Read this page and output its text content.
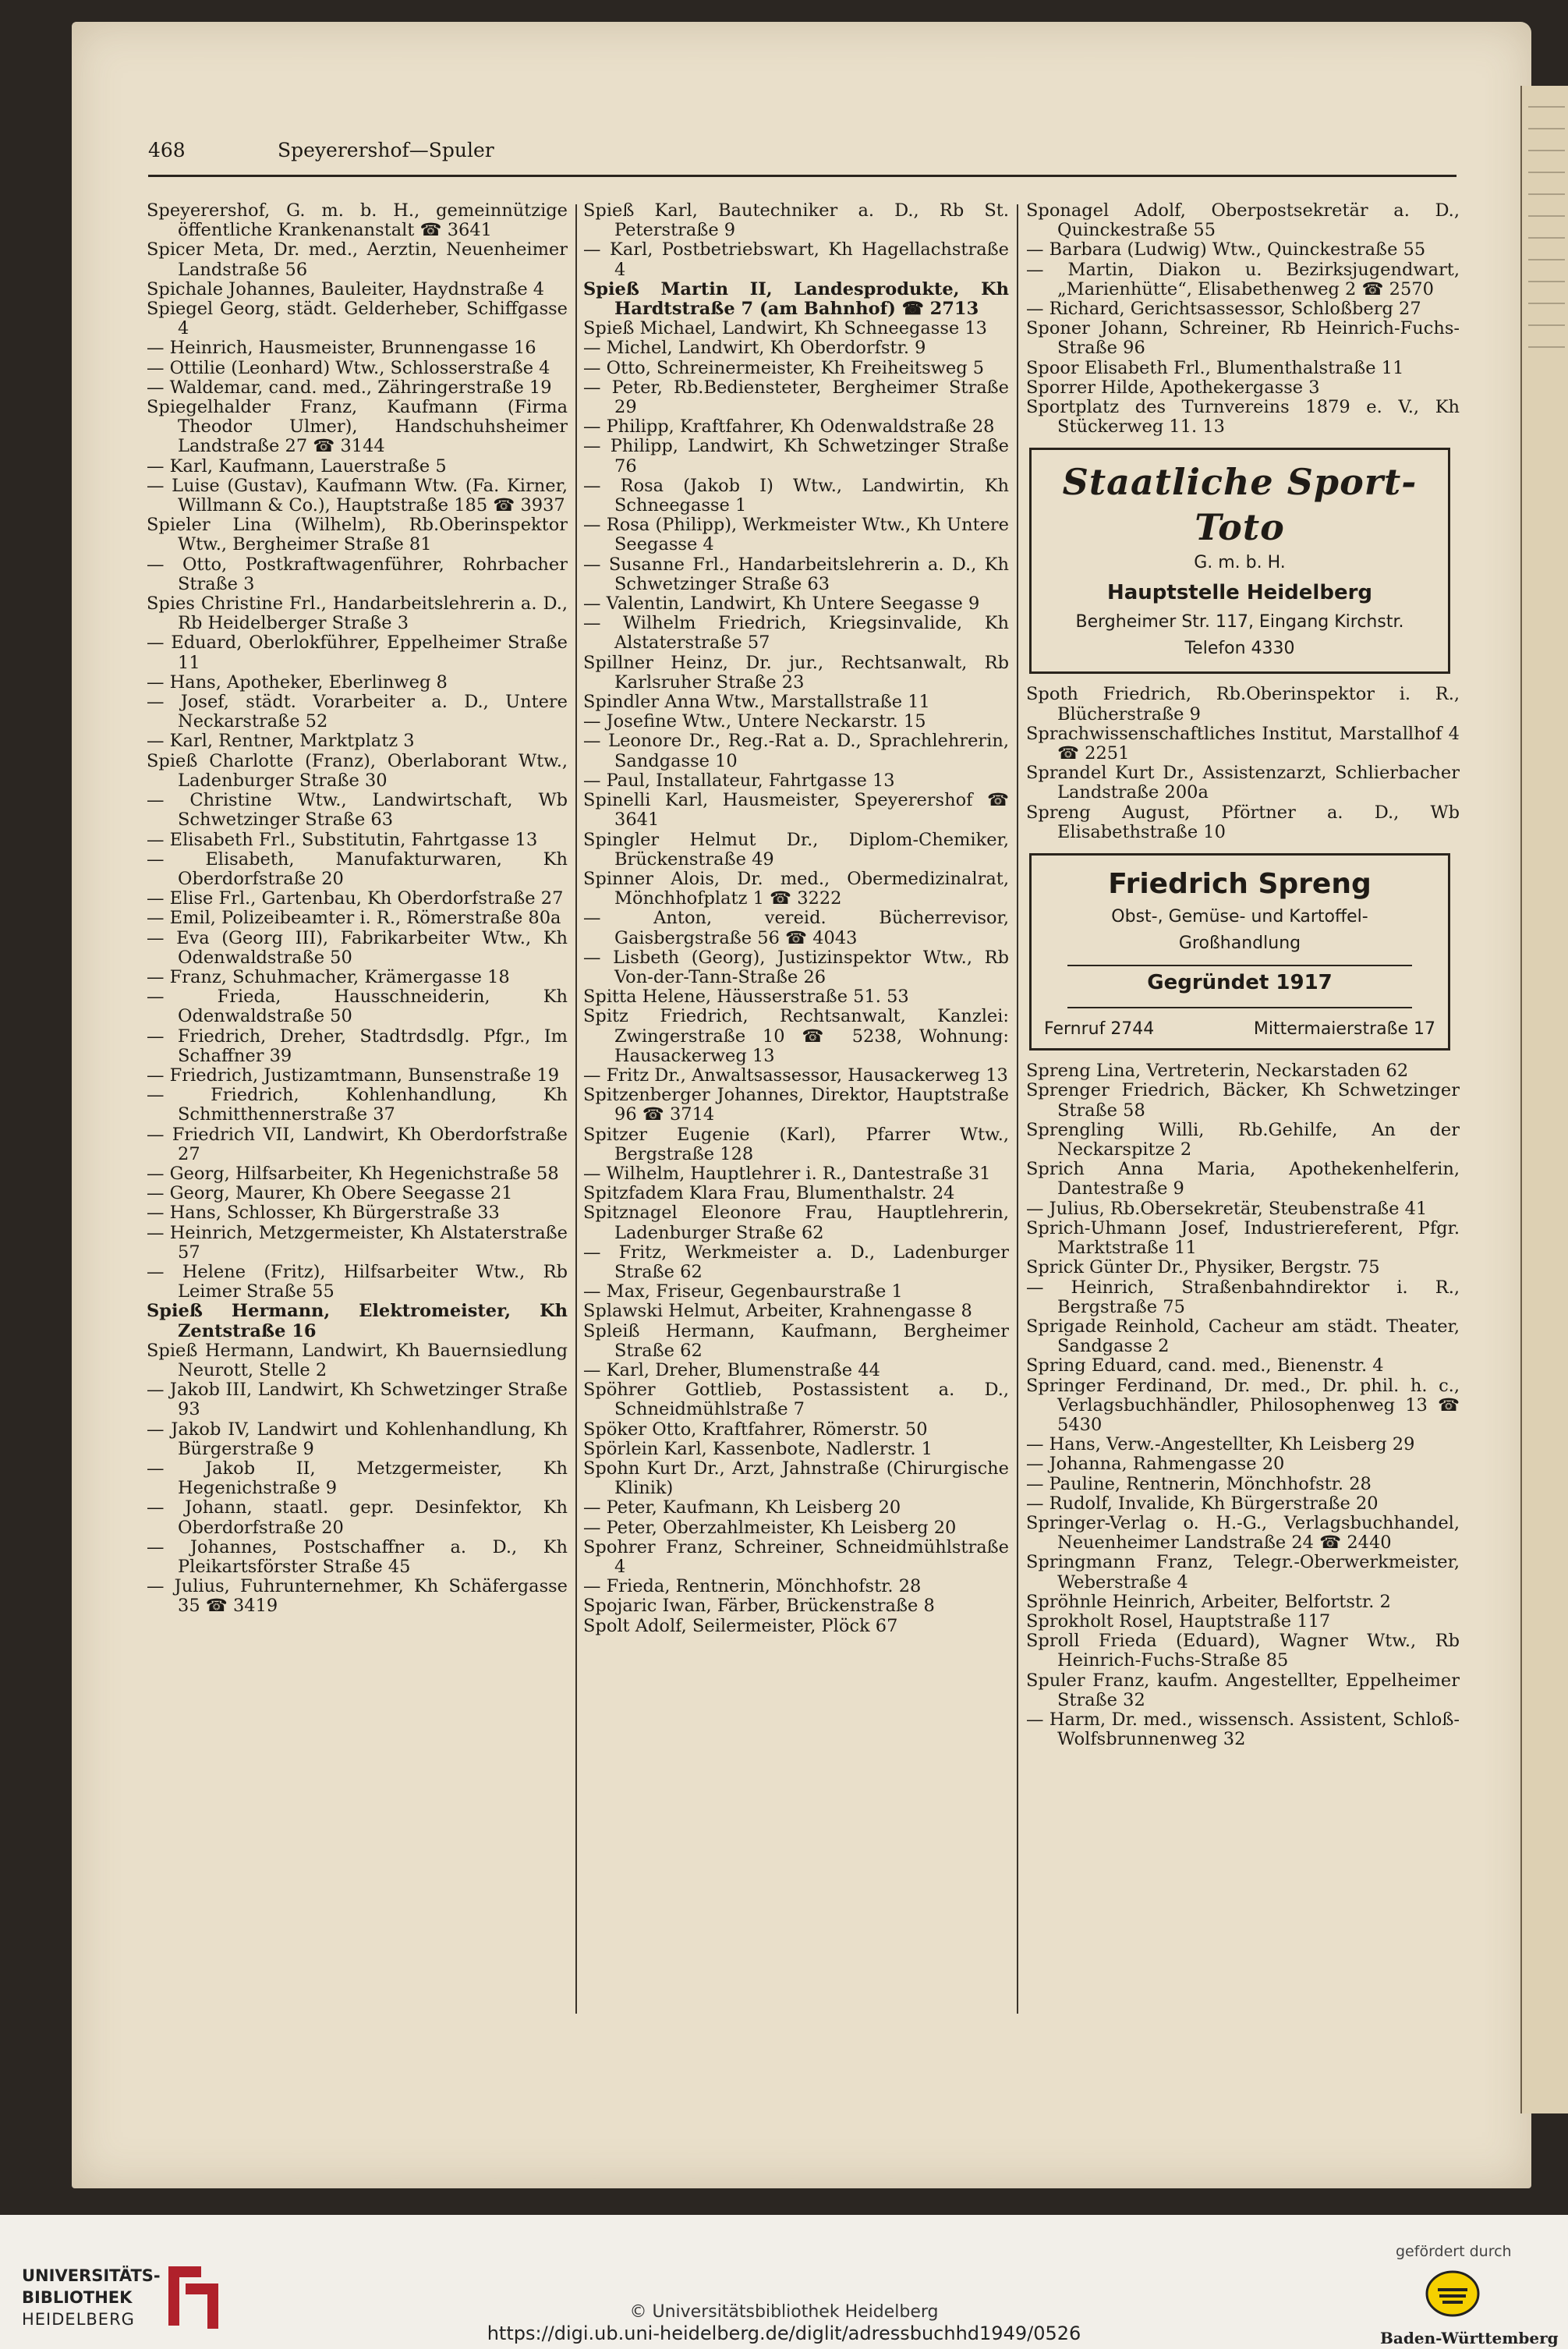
468	Speyerershof—Spuler
Speyerershof, G. m. b. H., gemeinnützige öffentliche Krankenanstalt ☎ 3641
Spicer Meta, Dr. med., Aerztin, Neuenheimer Landstraße 56
Spichale Johannes, Bauleiter, Haydnstraße 4
Spiegel Georg, städt. Gelderheber, Schiffgasse 4
— Heinrich, Hausmeister, Brunnengasse 16
— Ottilie (Leonhard) Wtw., Schlosserstraße 4
— Waldemar, cand. med., Zähringerstraße 19
Spiegelhalder Franz, Kaufmann (Firma Theodor Ulmer), Handschuhsheimer Landstraße 27 ☎ 3144
— Karl, Kaufmann, Lauerstraße 5
— Luise (Gustav), Kaufmann Wtw. (Fa. Kirner, Willmann & Co.), Hauptstraße 185 ☎ 3937
Spieler Lina (Wilhelm), Rb.Oberinspektor Wtw., Bergheimer Straße 81
— Otto, Postkraftwagenführer, Rohrbacher Straße 3
Spies Christine Frl., Handarbeitslehrerin a. D., Rb Heidelberger Straße 3
— Eduard, Oberlokführer, Eppelheimer Straße 11
— Hans, Apotheker, Eberlinweg 8
— Josef, städt. Vorarbeiter a. D., Untere Neckarstraße 52
— Karl, Rentner, Marktplatz 3
Spieß Charlotte (Franz), Oberlaborant Wtw., Ladenburger Straße 30
— Christine Wtw., Landwirtschaft, Wb Schwetzinger Straße 63
— Elisabeth Frl., Substitutin, Fahrtgasse 13
— Elisabeth, Manufakturwaren, Kh Oberdorfstraße 20
— Elise Frl., Gartenbau, Kh Oberdorfstraße 27
— Emil, Polizeibeamter i. R., Römerstraße 80a
— Eva (Georg III), Fabrikarbeiter Wtw., Kh Odenwaldstraße 50
— Franz, Schuhmacher, Krämergasse 18
— Frieda, Hausschneiderin, Kh Odenwaldstraße 50
— Friedrich, Dreher, Stadtrdsdlg. Pfgr., Im Schaffner 39
— Friedrich, Justizamtmann, Bunsenstraße 19
— Friedrich, Kohlenhandlung, Kh Schmitthennerstraße 37
— Friedrich VII, Landwirt, Kh Oberdorfstraße 27
— Georg, Hilfsarbeiter, Kh Hegenichstraße 58
— Georg, Maurer, Kh Obere Seegasse 21
— Hans, Schlosser, Kh Bürgerstraße 33
— Heinrich, Metzgermeister, Kh Alstaterstraße 57
— Helene (Fritz), Hilfsarbeiter Wtw., Rb Leimer Straße 55
Spieß Hermann, Elektromeister, Kh Zentstraße 16
Spieß Hermann, Landwirt, Kh Bauernsiedlung Neurott, Stelle 2
— Jakob III, Landwirt, Kh Schwetzinger Straße 93
— Jakob IV, Landwirt und Kohlenhandlung, Kh Bürgerstraße 9
— Jakob II, Metzgermeister, Kh Hegenichstraße 9
— Johann, staatl. gepr. Desinfektor, Kh Oberdorfstraße 20
— Johannes, Postschaffner a. D., Kh Pleikartsförster Straße 45
— Julius, Fuhrunternehmer, Kh Schäfergasse 35 ☎ 3419
Spieß Karl, Bautechniker a. D., Rb St. Peterstraße 9
— Karl, Postbetriebswart, Kh Hagellachstraße 4
Spieß Martin II, Landesprodukte, Kh Hardtstraße 7 (am Bahnhof) ☎ 2713
Spieß Michael, Landwirt, Kh Schneegasse 13
— Michel, Landwirt, Kh Oberdorfstr. 9
— Otto, Schreinermeister, Kh Freiheitsweg 5
— Peter, Rb.Bediensteter, Bergheimer Straße 29
— Philipp, Kraftfahrer, Kh Odenwaldstraße 28
— Philipp, Landwirt, Kh Schwetzinger Straße 76
— Rosa (Jakob I) Wtw., Landwirtin, Kh Schneegasse 1
— Rosa (Philipp), Werkmeister Wtw., Kh Untere Seegasse 4
— Susanne Frl., Handarbeitslehrerin a. D., Kh Schwetzinger Straße 63
— Valentin, Landwirt, Kh Untere Seegasse 9
— Wilhelm Friedrich, Kriegsinvalide, Kh Alstaterstraße 57
Spillner Heinz, Dr. jur., Rechtsanwalt, Rb Karlsruher Straße 23
Spindler Anna Wtw., Marstallstraße 11
— Josefine Wtw., Untere Neckarstr. 15
— Leonore Dr., Reg.-Rat a. D., Sprachlehrerin, Sandgasse 10
— Paul, Installateur, Fahrtgasse 13
Spinelli Karl, Hausmeister, Speyerershof ☎ 3641
Spingler Helmut Dr., Diplom-Chemiker, Brückenstraße 49
Spinner Alois, Dr. med., Obermedizinalrat, Mönchhofplatz 1 ☎ 3222
— Anton, vereid. Bücherrevisor, Gaisbergstraße 56 ☎ 4043
— Lisbeth (Georg), Justizinspektor Wtw., Rb Von-der-Tann-Straße 26
Spitta Helene, Häusserstraße 51. 53
Spitz Friedrich, Rechtsanwalt, Kanzlei: Zwingerstraße 10 ☎ 5238, Wohnung: Hausackerweg 13
— Fritz Dr., Anwaltsassessor, Hausackerweg 13
Spitzenberger Johannes, Direktor, Hauptstraße 96 ☎ 3714
Spitzer Eugenie (Karl), Pfarrer Wtw., Bergstraße 128
— Wilhelm, Hauptlehrer i. R., Dantestraße 31
Spitzfadem Klara Frau, Blumenthalstr. 24
Spitznagel Eleonore Frau, Hauptlehrerin, Ladenburger Straße 62
— Fritz, Werkmeister a. D., Ladenburger Straße 62
— Max, Friseur, Gegenbaurstraße 1
Splawski Helmut, Arbeiter, Krahnengasse 8
Spleiß Hermann, Kaufmann, Bergheimer Straße 62
— Karl, Dreher, Blumenstraße 44
Spöhrer Gottlieb, Postassistent a. D., Schneidmühlstraße 7
Spöker Otto, Kraftfahrer, Römerstr. 50
Spörlein Karl, Kassenbote, Nadlerstr. 1
Spohn Kurt Dr., Arzt, Jahnstraße (Chirurgische Klinik)
— Peter, Kaufmann, Kh Leisberg 20
— Peter, Oberzahlmeister, Kh Leisberg 20
Spohrer Franz, Schreiner, Schneidmühlstraße 4
— Frieda, Rentnerin, Mönchhofstr. 28
Spojaric Iwan, Färber, Brückenstraße 8
Spolt Adolf, Seilermeister, Plöck 67
Sponagel Adolf, Oberpostsekretär a. D., Quinckestraße 55
— Barbara (Ludwig) Wtw., Quinckestraße 55
— Martin, Diakon u. Bezirksjugendwart, „Marienhütte“, Elisabethenweg 2 ☎ 2570
— Richard, Gerichtsassessor, Schloßberg 27
Sponer Johann, Schreiner, Rb Heinrich-Fuchs-Straße 96
Spoor Elisabeth Frl., Blumenthalstraße 11
Sporrer Hilde, Apothekergasse 3
Sportplatz des Turnvereins 1879 e. V., Kh Stückerweg 11. 13
Staatliche Sport-Toto
G. m. b. H.
Hauptstelle Heidelberg
Bergheimer Str. 117, Eingang Kirchstr.
Telefon 4330
Spoth Friedrich, Rb.Oberinspektor i. R., Blücherstraße 9
Sprachwissenschaftliches Institut, Marstallhof 4 ☎ 2251
Sprandel Kurt Dr., Assistenzarzt, Schlierbacher Landstraße 200a
Spreng August, Pförtner a. D., Wb Elisabethstraße 10
Friedrich Spreng
Obst-, Gemüse- und Kartoffel-
Großhandlung
Gegründet 1917
Fernruf 2744	Mittermaierstraße 17
Spreng Lina, Vertreterin, Neckarstaden 62
Sprenger Friedrich, Bäcker, Kh Schwetzinger Straße 58
Sprengling Willi, Rb.Gehilfe, An der Neckarspitze 2
Sprich Anna Maria, Apothekenhelferin, Dantestraße 9
— Julius, Rb.Obersekretär, Steubenstraße 41
Sprich-Uhmann Josef, Industriereferent, Pfgr. Marktstraße 11
Sprick Günter Dr., Physiker, Bergstr. 75
— Heinrich, Straßenbahndirektor i. R., Bergstraße 75
Sprigade Reinhold, Cacheur am städt. Theater, Sandgasse 2
Spring Eduard, cand. med., Bienenstr. 4
Springer Ferdinand, Dr. med., Dr. phil. h. c., Verlagsbuchhändler, Philosophenweg 13 ☎ 5430
— Hans, Verw.-Angestellter, Kh Leisberg 29
— Johanna, Rahmengasse 20
— Pauline, Rentnerin, Mönchhofstr. 28
— Rudolf, Invalide, Kh Bürgerstraße 20
Springer-Verlag o. H.-G., Verlagsbuchhandel, Neuenheimer Landstraße 24 ☎ 2440
Springmann Franz, Telegr.-Oberwerkmeister, Weberstraße 4
Spröhnle Heinrich, Arbeiter, Belfortstr. 2
Sprokholt Rosel, Hauptstraße 117
Sproll Frieda (Eduard), Wagner Wtw., Rb Heinrich-Fuchs-Straße 85
Spuler Franz, kaufm. Angestellter, Eppelheimer Straße 32
— Harm, Dr. med., wissensch. Assistent, Schloß-Wolfsbrunnenweg 32
UNIVERSITÄTS-
BIBLIOTHEK
HEIDELBERG	© Universitätsbibliothek Heidelberg
https://digi.ub.uni-heidelberg.de/diglit/adressbuchhd1949/0526
gefördert durch
Baden-Württemberg
